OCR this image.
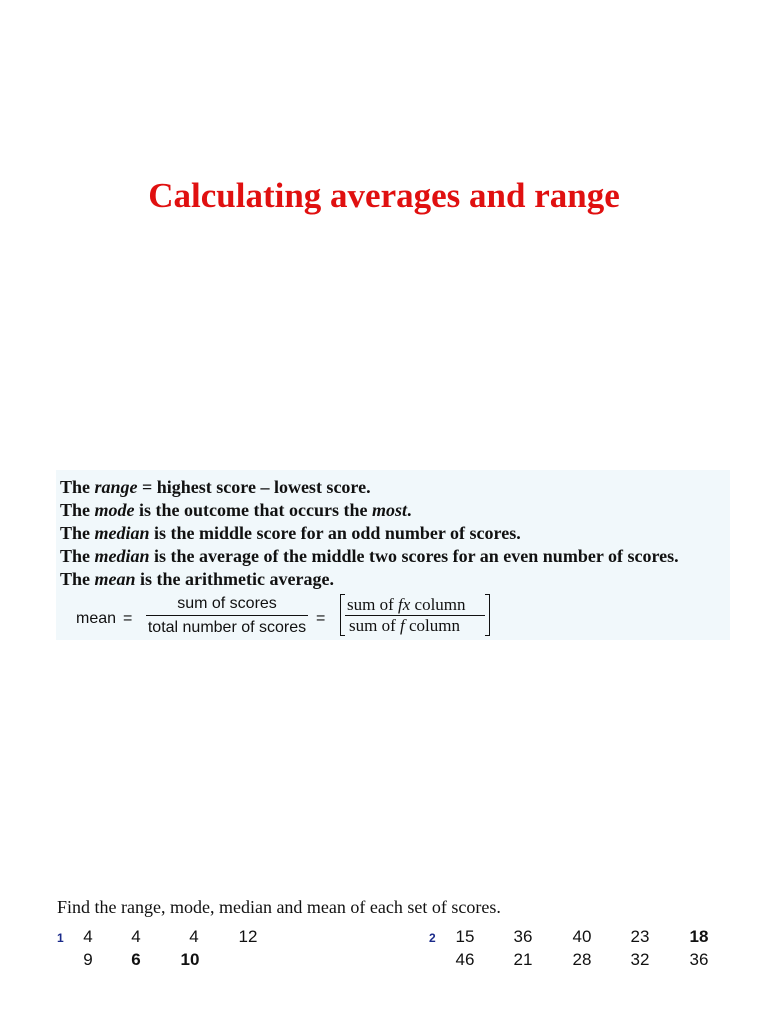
Calculating averages and range
The range = highest score – lowest score.
The mode is the outcome that occurs the most.
The median is the middle score for an odd number of scores.
The median is the average of the middle two scores for an even number of scores.
The mean is the arithmetic average.
mean =
sum of scores
total number of scores
=
sum of fx column
sum of f column
Find the range, mode, median and mean of each set of scores.
1	4	4	4	12
9	6	10
2	15	36	40	23	18
46	21	28	32	36
